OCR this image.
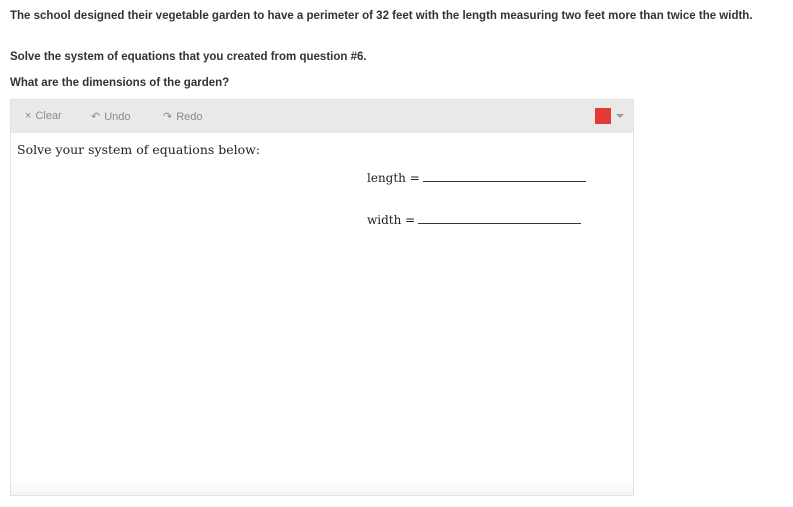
The school designed their vegetable garden to have a perimeter of 32 feet with the length measuring two feet more than twice the width.
Solve the system of equations that you created from question #6.
What are the dimensions of the garden?
× Clear	↶ Undo	↷ Redo
Solve your system of equations below:
length =
width =
